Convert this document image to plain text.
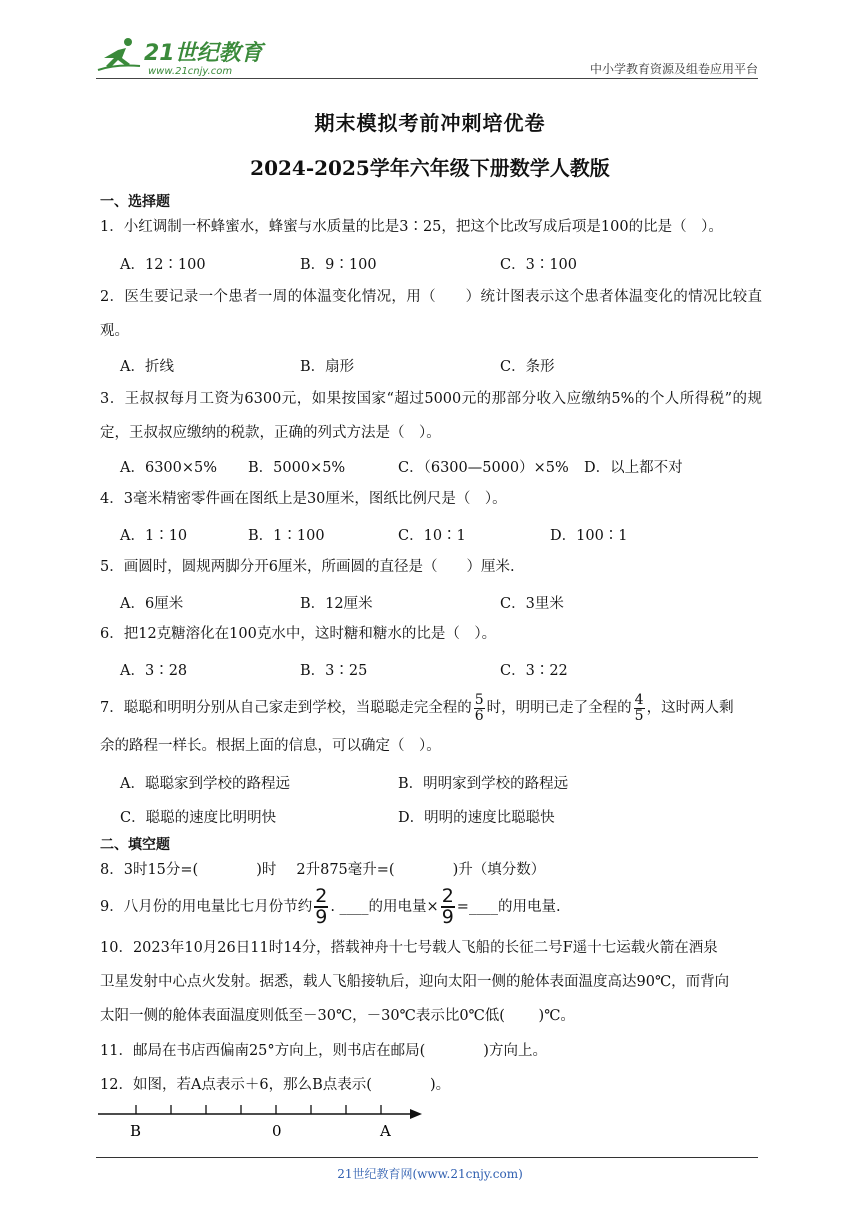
21世纪教育
www.21cnjy.com	中小学教育资源及组卷应用平台
期末模拟考前冲刺培优卷
2024-2025学年六年级下册数学人教版
一、选择题
1．小红调制一杯蜂蜜水，蜂蜜与水质量的比是3∶25，把这个比改写成后项是100的比是（　）。
A．12∶100	B．9∶100	C．3∶100
2．医生要记录一个患者一周的体温变化情况，用（　　）统计图表示这个患者体温变化的情况比较直观。
A．折线	B．扇形	C．条形
3．王叔叔每月工资为6300元，如果按国家“超过5000元的那部分收入应缴纳5%的个人所得税”的规定，王叔叔应缴纳的税款，正确的列式方法是（　）。
A．6300×5% B．5000×5%	C．（6300—5000）×5% D．以上都不对
4．3毫米精密零件画在图纸上是30厘米，图纸比例尺是（　）。
A．1∶10	B．1∶100	C．10∶1	D．100∶1
5．画圆时，圆规两脚分开6厘米，所画圆的直径是（　　）厘米.
A．6厘米	B．12厘米	C．3里米
6．把12克糖溶化在100克水中，这时糖和糖水的比是（　）。
A．3∶28	B．3∶25	C．3∶22
7．聪聪和明明分别从自己家走到学校，当聪聪走完全程的 $\frac{5}{6}$ 时，明明已走了全程的 $\frac{4}{5}$ ，这时两人剩
余的路程一样长。根据上面的信息，可以确定（　）。
A．聪聪家到学校的路程远	B．明明家到学校的路程远
C．聪聪的速度比明明快	D．明明的速度比聪聪快
二、填空题
8．3时15分=(　　　　)时 2升875毫升=(　　　　)升（填分数）
9．八月份的用电量比七月份节约 $\frac{2}{9}$ . ____的用电量× $\frac{2}{9}$ =____的用电量.
10．2023年10月26日11时14分，搭载神舟十七号载人飞船的长征二号F遥十七运载火箭在酒泉
卫星发射中心点火发射。据悉，载人飞船接轨后，迎向太阳一侧的舱体表面温度高达90℃，而背向
太阳一侧的舱体表面温度则低至－30℃，－30℃表示比0℃低(　　 )℃。
11．邮局在书店西偏南25°方向上，则书店在邮局(　　　　)方向上。
12．如图，若A点表示＋6，那么B点表示(　　　　)。
B	0	A
21世纪教育网(www.21cnjy.com)
